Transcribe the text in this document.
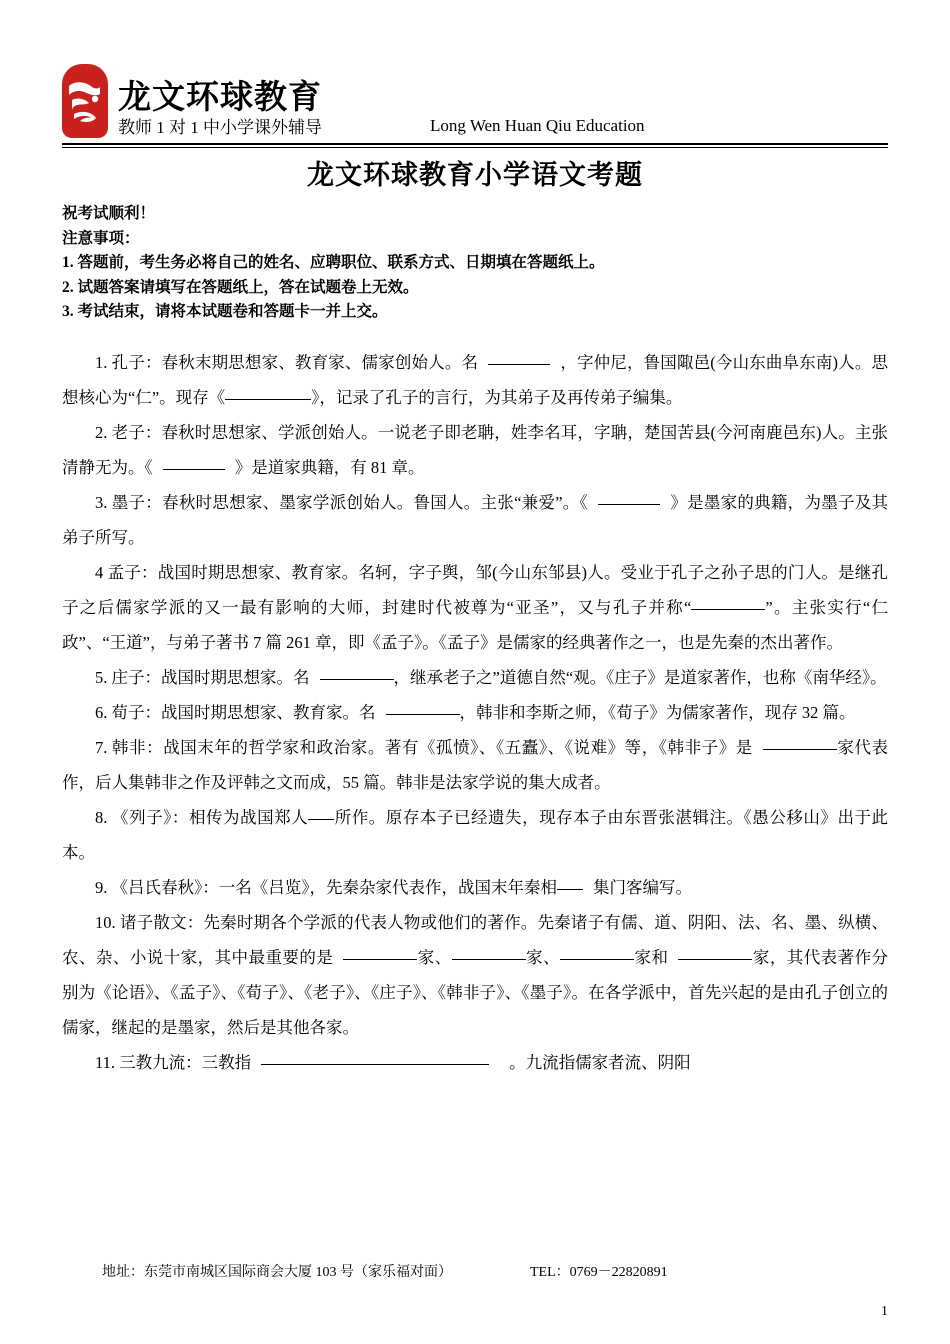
龙文环球教育
教师 1 对 1 中小学课外辅导	Long Wen Huan Qiu Education
龙文环球教育小学语文考题
祝考试顺利！
注意事项：
1. 答题前，考生务必将自己的姓名、应聘职位、联系方式、日期填在答题纸上。
2. 试题答案请填写在答题纸上，答在试题卷上无效。
3. 考试结束，请将本试题卷和答题卡一并上交。

1. 孔子：春秋末期思想家、教育家、儒家创始人。名	，字仲尼，鲁国陬邑(今山东曲阜东南)人。思想核心为“仁”。现存《	》，记录了孔子的言行，为其弟子及再传弟子编集。

2. 老子：春秋时思想家、学派创始人。一说老子即老聃，姓李名耳，字聃，楚国苦县(今河南鹿邑东)人。主张清静无为。《	》是道家典籍，有 81 章。

3. 墨子：春秋时思想家、墨家学派创始人。鲁国人。主张“兼爱”。《	》是墨家的典籍，为墨子及其弟子所写。

4 孟子：战国时期思想家、教育家。名轲，字子舆，邹(今山东邹县)人。受业于孔子之孙子思的门人。是继孔子之后儒家学派的又一最有影响的大师，封建时代被尊为“亚圣”，又与孔子并称“	”。主张实行“仁政”、“王道”，与弟子著书 7 篇 261 章，即《孟子》。《孟子》是儒家的经典著作之一，也是先秦的杰出著作。

5. 庄子：战国时期思想家。名	，继承老子之”道德自然“观。《庄子》是道家著作，也称《南华经》。

6. 荀子：战国时期思想家、教育家。名	，韩非和李斯之师，《荀子》为儒家著作，现存 32 篇。

7. 韩非：战国末年的哲学家和政治家。著有《孤愤》、《五蠹》、《说难》等，《韩非子》是	家代表作，后人集韩非之作及评韩之文而成，55 篇。韩非是法家学说的集大成者。

8. 《列子》：相传为战国郑人 所作。原存本子已经遗失，现存本子由东晋张湛辑注。《愚公移山》出于此本。

9. 《吕氏春秋》：一名《吕览》，先秦杂家代表作，战国末年秦相 集门客编写。

10. 诸子散文：先秦时期各个学派的代表人物或他们的著作。先秦诸子有儒、道、阴阳、法、名、墨、纵横、农、杂、小说十家，其中最重要的是	家、	家、	家和	家，其代表著作分别为《论语》、《孟子》、《荀子》、《老子》、《庄子》、《韩非子》、《墨子》。在各学派中，首先兴起的是由孔子创立的儒家，继起的是墨家，然后是其他各家。

11. 三教九流：三教指	。九流指儒家者流、阴阳

地址：东莞市南城区国际商会大厦 103 号（家乐福对面）	TEL：0769－22820891
1
